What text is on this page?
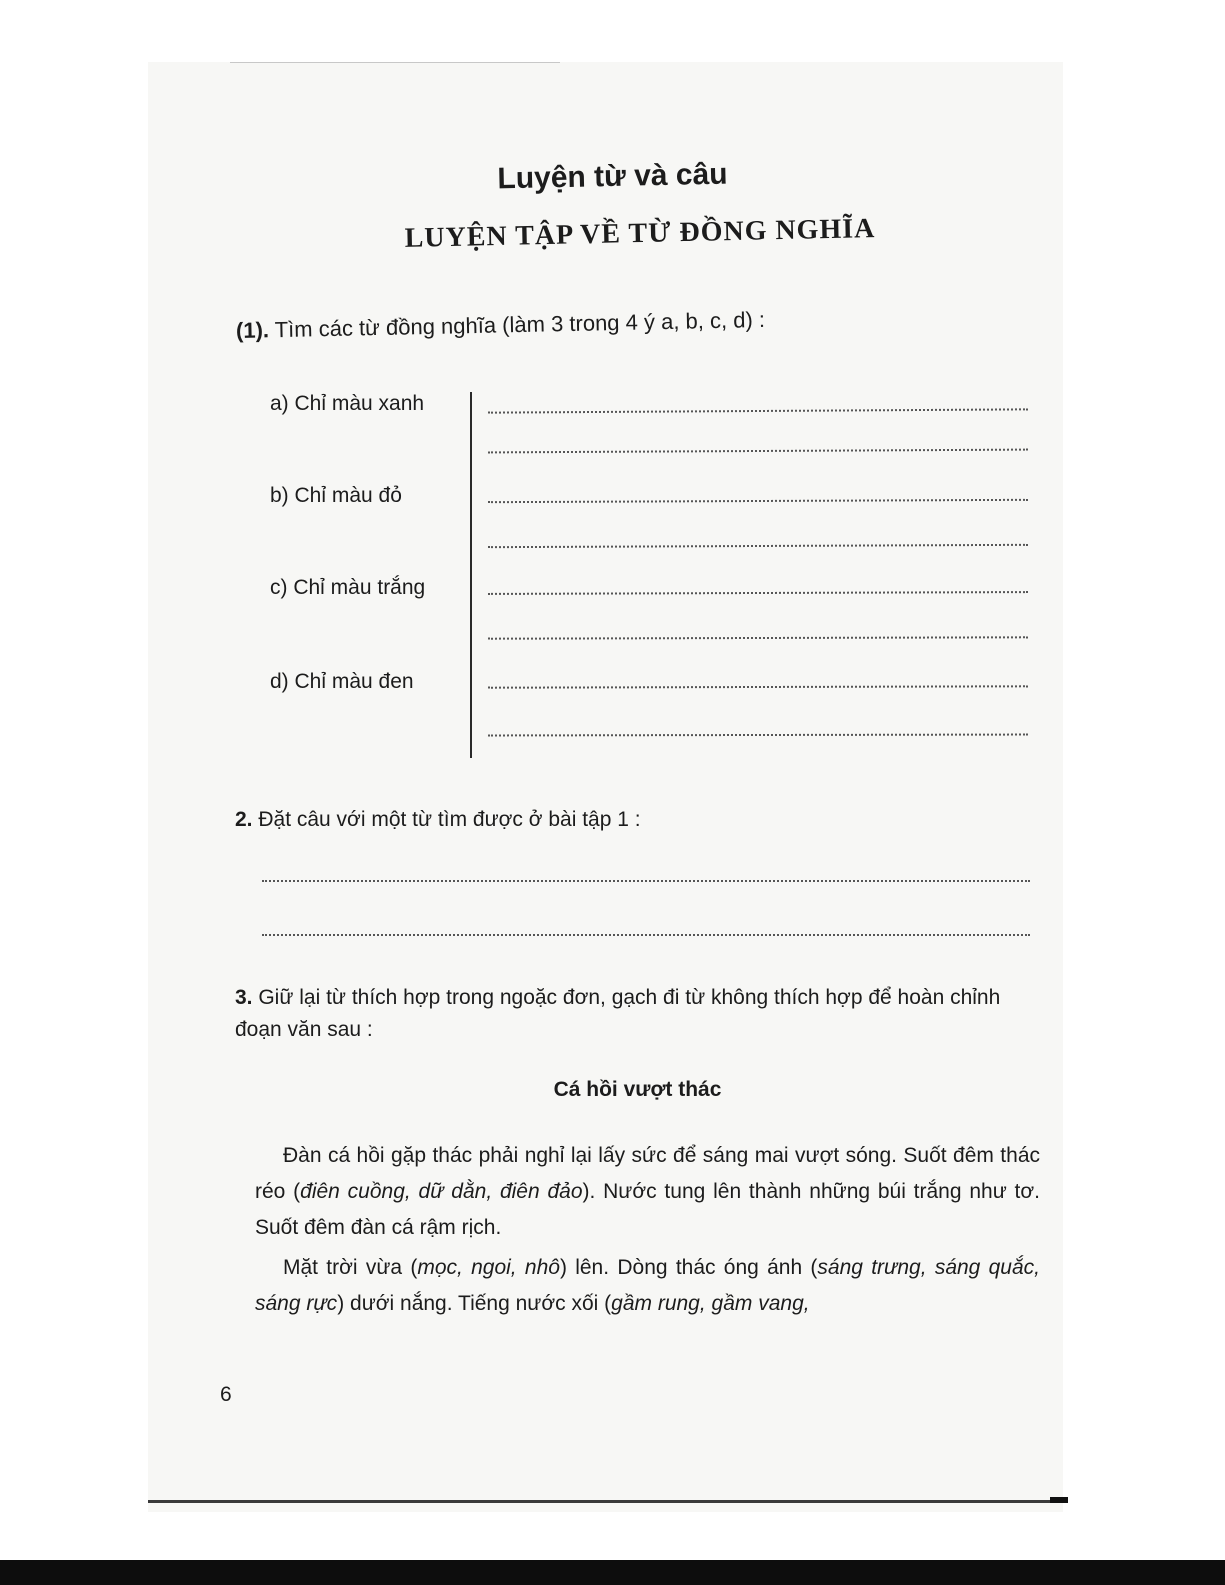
Luyện từ và câu
LUYỆN TẬP VỀ TỪ ĐỒNG NGHĨA
(1). Tìm các từ đồng nghĩa (làm 3 trong 4 ý a, b, c, d) :
a) Chỉ màu xanh
b) Chỉ màu đỏ
c) Chỉ màu trắng
d) Chỉ màu đen
2. Đặt câu với một từ tìm được ở bài tập 1 :
3. Giữ lại từ thích hợp trong ngoặc đơn, gạch đi từ không thích hợp để hoàn chỉnh đoạn văn sau :
Cá hồi vượt thác
Đàn cá hồi gặp thác phải nghỉ lại lấy sức để sáng mai vượt sóng. Suốt đêm thác réo (điên cuồng, dữ dằn, điên đảo). Nước tung lên thành những búi trắng như tơ. Suốt đêm đàn cá rậm rịch.
Mặt trời vừa (mọc, ngoi, nhô) lên. Dòng thác óng ánh (sáng trưng, sáng quắc, sáng rực) dưới nắng. Tiếng nước xối (gầm rung, gầm vang,
6
